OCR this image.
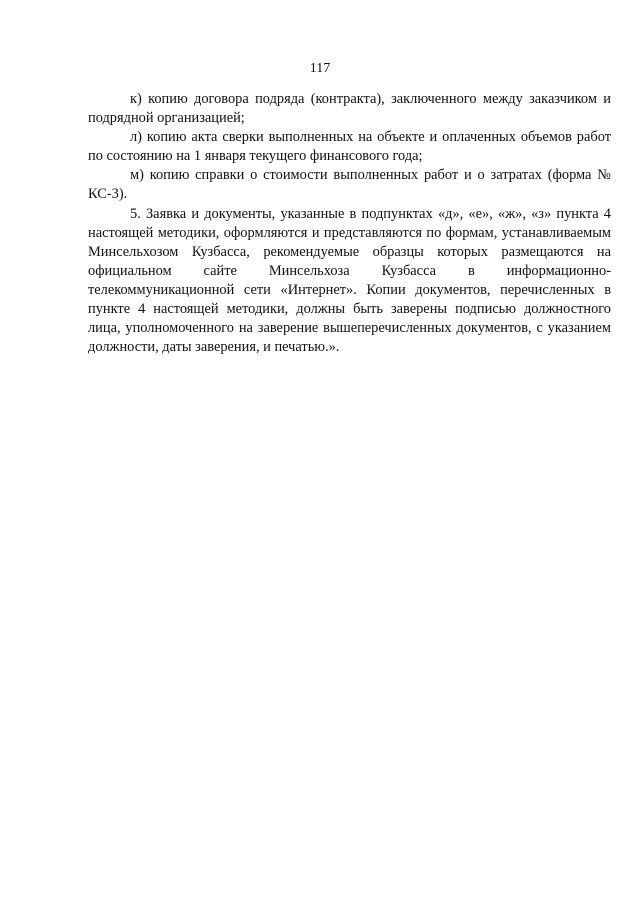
117

к) копию договора подряда (контракта), заключенного между заказчиком и подрядной организацией;

л) копию акта сверки выполненных на объекте и оплаченных объемов работ по состоянию на 1 января текущего финансового года;

м) копию справки о стоимости выполненных работ и о затратах (форма № КС-3).

5. Заявка и документы, указанные в подпунктах «д», «е», «ж», «з» пункта 4 настоящей методики, оформляются и представляются по формам, устанавливаемым Минсельхозом Кузбасса, рекомендуемые образцы которых размещаются на официальном сайте Минсельхоза Кузбасса в информационно-телекоммуникационной сети «Интернет». Копии документов, перечисленных в пункте 4 настоящей методики, должны быть заверены подписью должностного лица, уполномоченного на заверение вышеперечисленных документов, с указанием должности, даты заверения, и печатью.».
